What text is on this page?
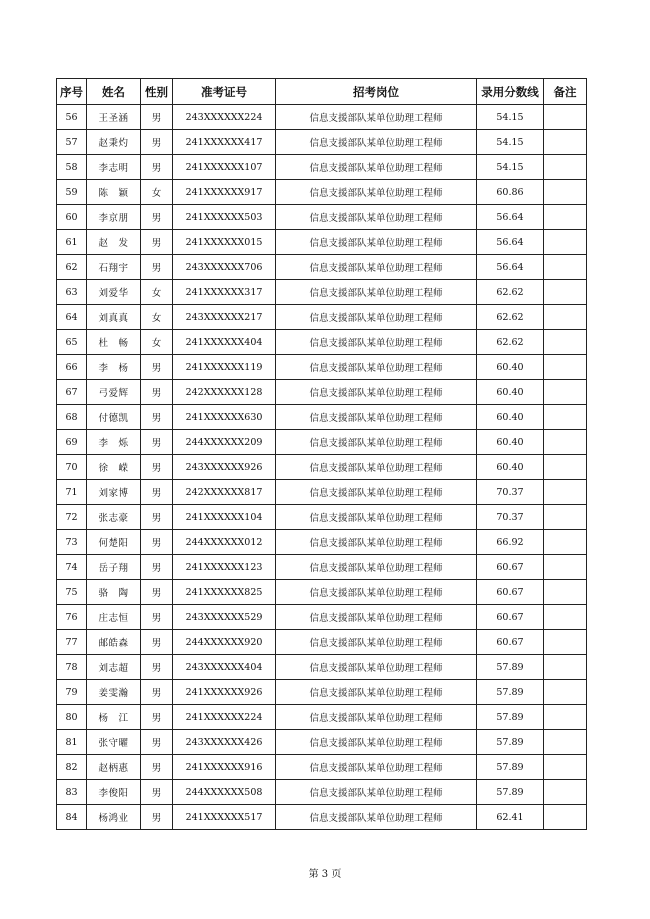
序号	姓名	性别	准考证号	招考岗位	录用分数线	备注
56	王圣涵	男	243XXXXXX224	信息支援部队某单位助理工程师	54.15	
57	赵秉灼	男	241XXXXXX417	信息支援部队某单位助理工程师	54.15	
58	李志明	男	241XXXXXX107	信息支援部队某单位助理工程师	54.15	
59	陈　颖	女	241XXXXXX917	信息支援部队某单位助理工程师	60.86	
60	李京朋	男	241XXXXXX503	信息支援部队某单位助理工程师	56.64	
61	赵　发	男	241XXXXXX015	信息支援部队某单位助理工程师	56.64	
62	石翔宇	男	243XXXXXX706	信息支援部队某单位助理工程师	56.64	
63	刘爱华	女	241XXXXXX317	信息支援部队某单位助理工程师	62.62	
64	刘真真	女	243XXXXXX217	信息支援部队某单位助理工程师	62.62	
65	杜　畅	女	241XXXXXX404	信息支援部队某单位助理工程师	62.62	
66	李　杨	男	241XXXXXX119	信息支援部队某单位助理工程师	60.40	
67	弓爱辉	男	242XXXXXX128	信息支援部队某单位助理工程师	60.40	
68	付德凯	男	241XXXXXX630	信息支援部队某单位助理工程师	60.40	
69	李　烁	男	244XXXXXX209	信息支援部队某单位助理工程师	60.40	
70	徐　嵘	男	243XXXXXX926	信息支援部队某单位助理工程师	60.40	
71	刘家博	男	242XXXXXX817	信息支援部队某单位助理工程师	70.37	
72	张志豪	男	241XXXXXX104	信息支援部队某单位助理工程师	70.37	
73	何楚阳	男	244XXXXXX012	信息支援部队某单位助理工程师	66.92	
74	岳子翔	男	241XXXXXX123	信息支援部队某单位助理工程师	60.67	
75	骆　陶	男	241XXXXXX825	信息支援部队某单位助理工程师	60.67	
76	庄志恒	男	243XXXXXX529	信息支援部队某单位助理工程师	60.67	
77	邮皓森	男	244XXXXXX920	信息支援部队某单位助理工程师	60.67	
78	刘志超	男	243XXXXXX404	信息支援部队某单位助理工程师	57.89	
79	姜雯瀚	男	241XXXXXX926	信息支援部队某单位助理工程师	57.89	
80	杨　江	男	241XXXXXX224	信息支援部队某单位助理工程师	57.89	
81	张守曜	男	243XXXXXX426	信息支援部队某单位助理工程师	57.89	
82	赵柄惠	男	241XXXXXX916	信息支援部队某单位助理工程师	57.89	
83	李俊阳	男	244XXXXXX508	信息支援部队某单位助理工程师	57.89	
84	杨鸿业	男	241XXXXXX517	信息支援部队某单位助理工程师	62.41	
第 3 页
